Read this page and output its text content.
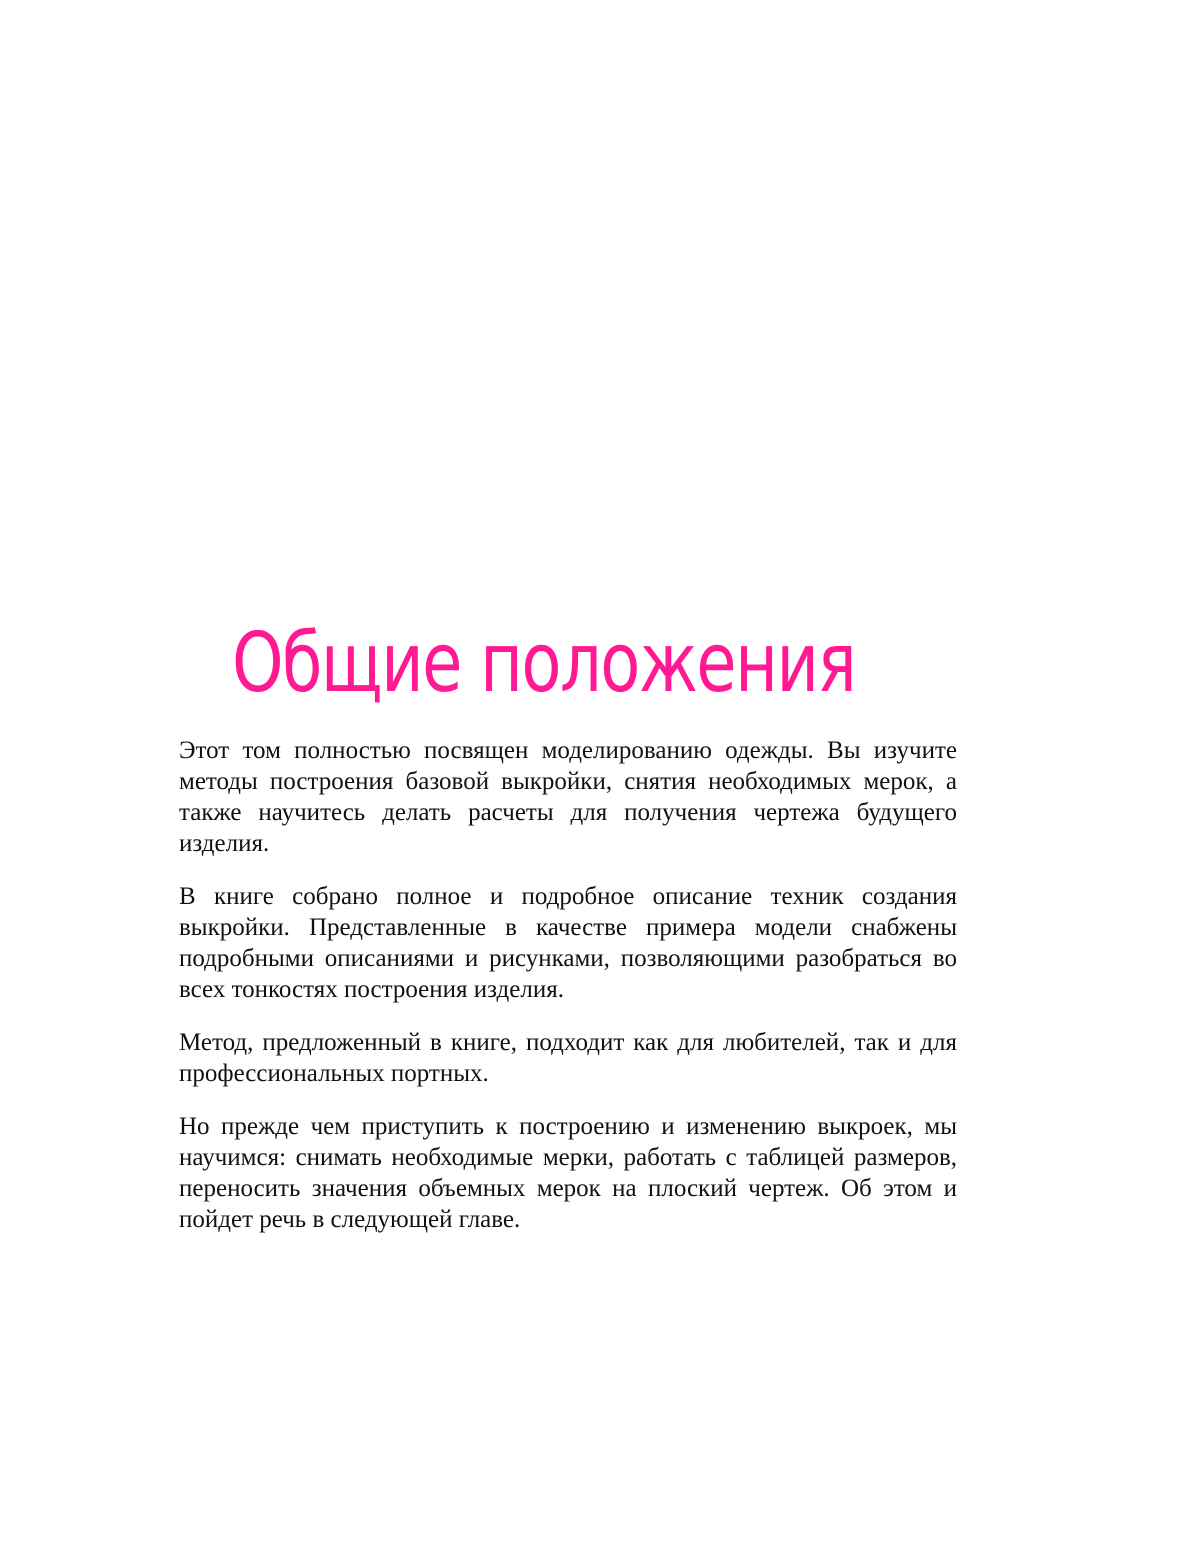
Общие положения

Этот том полностью посвящен моделированию одежды. Вы изучите методы построения базовой выкройки, снятия необходимых мерок, а также научитесь делать расчеты для получения чертежа будущего изделия.

В книге собрано полное и подробное описание техник создания выкройки. Представленные в качестве примера модели снабжены подробными описаниями и рисунками, позволяющими разобраться во всех тонкостях построения изделия.

Метод, предложенный в книге, подходит как для любителей, так и для профессиональных портных.

Но прежде чем приступить к построению и изменению выкроек, мы научимся: снимать необходимые мерки, работать с таблицей размеров, переносить значения объемных мерок на плоский чертеж. Об этом и пойдет речь в следующей главе.
